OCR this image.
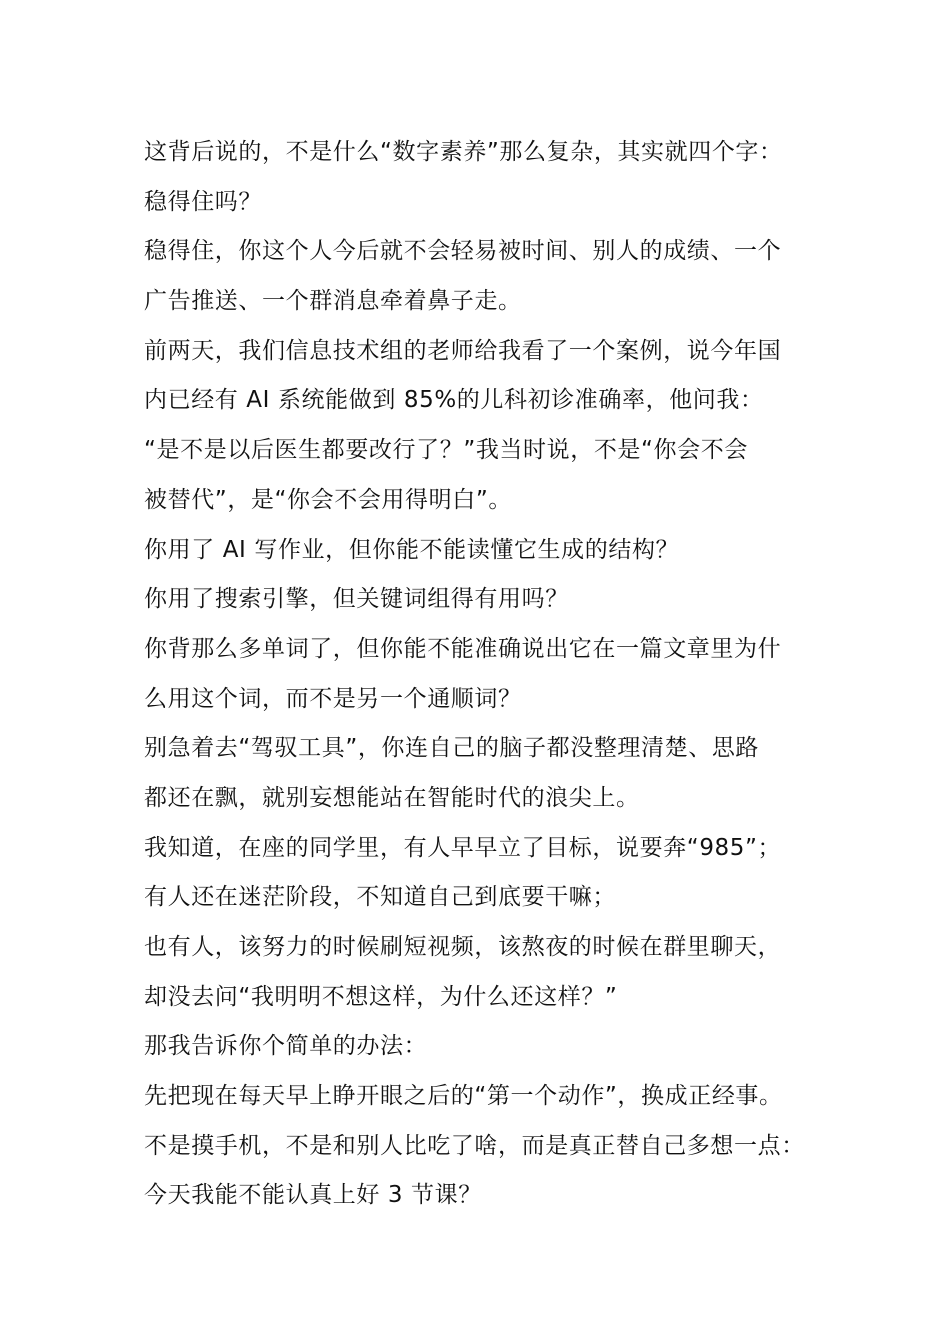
这背后说的，不是什么“数字素养”那么复杂，其实就四个字：
稳得住吗？

稳得住，你这个人今后就不会轻易被时间、别人的成绩、一个
广告推送、一个群消息牵着鼻子走。

前两天，我们信息技术组的老师给我看了一个案例，说今年国
内已经有 AI 系统能做到 85%的儿科初诊准确率，他问我：
“是不是以后医生都要改行了？”我当时说，不是“你会不会
被替代”，是“你会不会用得明白”。

你用了 AI 写作业，但你能不能读懂它生成的结构？

你用了搜索引擎，但关键词组得有用吗？

你背那么多单词了，但你能不能准确说出它在一篇文章里为什
么用这个词，而不是另一个通顺词？

别急着去“驾驭工具”，你连自己的脑子都没整理清楚、思路
都还在飘，就别妄想能站在智能时代的浪尖上。

我知道，在座的同学里，有人早早立了目标，说要奔“985”；
有人还在迷茫阶段，不知道自己到底要干嘛；

也有人，该努力的时候刷短视频，该熬夜的时候在群里聊天，
却没去问“我明明不想这样，为什么还这样？”

那我告诉你个简单的办法：

先把现在每天早上睁开眼之后的“第一个动作”，换成正经事。
不是摸手机，不是和别人比吃了啥，而是真正替自己多想一点：
今天我能不能认真上好 3 节课？
